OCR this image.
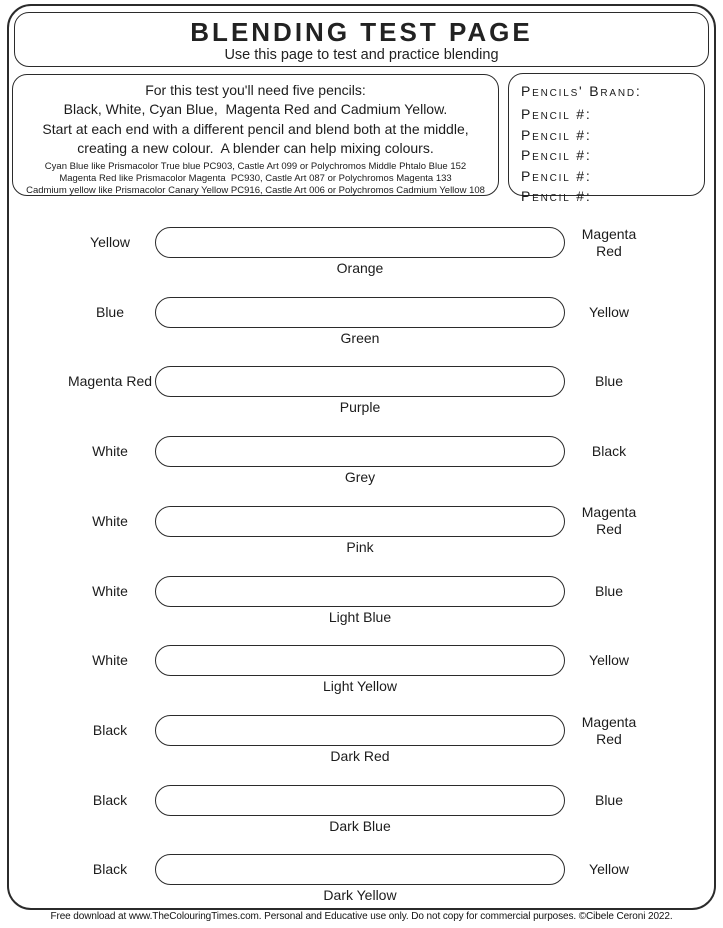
BLENDING TEST PAGE
Use this page to test and practice blending
For this test you'll need five pencils:
Black, White, Cyan Blue,  Magenta Red and Cadmium Yellow.
Start at each end with a different pencil and blend both at the middle,
creating a new colour.  A blender can help mixing colours.
Cyan Blue like Prismacolor True blue PC903, Castle Art 099 or Polychromos Middle Phtalo Blue 152
Magenta Red like Prismacolor Magenta  PC930, Castle Art 087 or Polychromos Magenta 133
Cadmium yellow like Prismacolor Canary Yellow PC916, Castle Art 006 or Polychromos Cadmium Yellow 108
Pencils' Brand:
Pencil #:
Pencil #:
Pencil #:
Pencil #:
Pencil #:
Yellow
Orange
Magenta Red
Blue
Green
Yellow
Magenta Red
Purple
Blue
White
Grey
Black
White
Pink
Magenta Red
White
Light Blue
Blue
White
Light Yellow
Yellow
Black
Dark Red
Magenta Red
Black
Dark Blue
Blue
Black
Dark Yellow
Yellow
Free download at www.TheColouringTimes.com. Personal and Educative use only. Do not copy for commercial purposes. ©Cibele Ceroni 2022.
